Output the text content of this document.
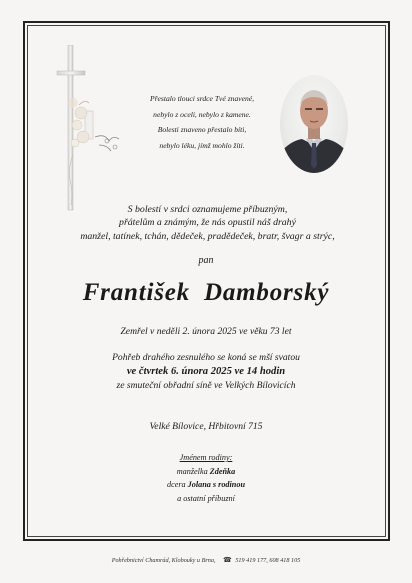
Přestalo tlouci srdce Tvé znavené,
nebylo z oceli, nebylo z kamene.
Bolesti znaveno přestalo bíti,
nebylo léku, jímž mohlo žíti.
S bolestí v srdci oznamujeme příbuzným,
přátelům a známým, že nás opustil náš drahý
manžel, tatínek, tchán, dědeček, pradědeček, bratr, švagr a strýc,
pan
František  Damborský
Zemřel v neděli 2. února 2025 ve věku 73 let
Pohřeb drahého zesnulého se koná se mší svatou
ve čtvrtek 6. února 2025 ve 14 hodin
ze smuteční obřadní síně ve Velkých Bílovicích
Velké Bílovice, Hřbitovní 715
Jménem rodiny:
manželka Zdeňka
dcera Jolana s rodinou
a ostatní příbuzní
Pohřebnictví Chamrád, Klobouky u Brna, ☎ 519 419 177, 608 418 105
